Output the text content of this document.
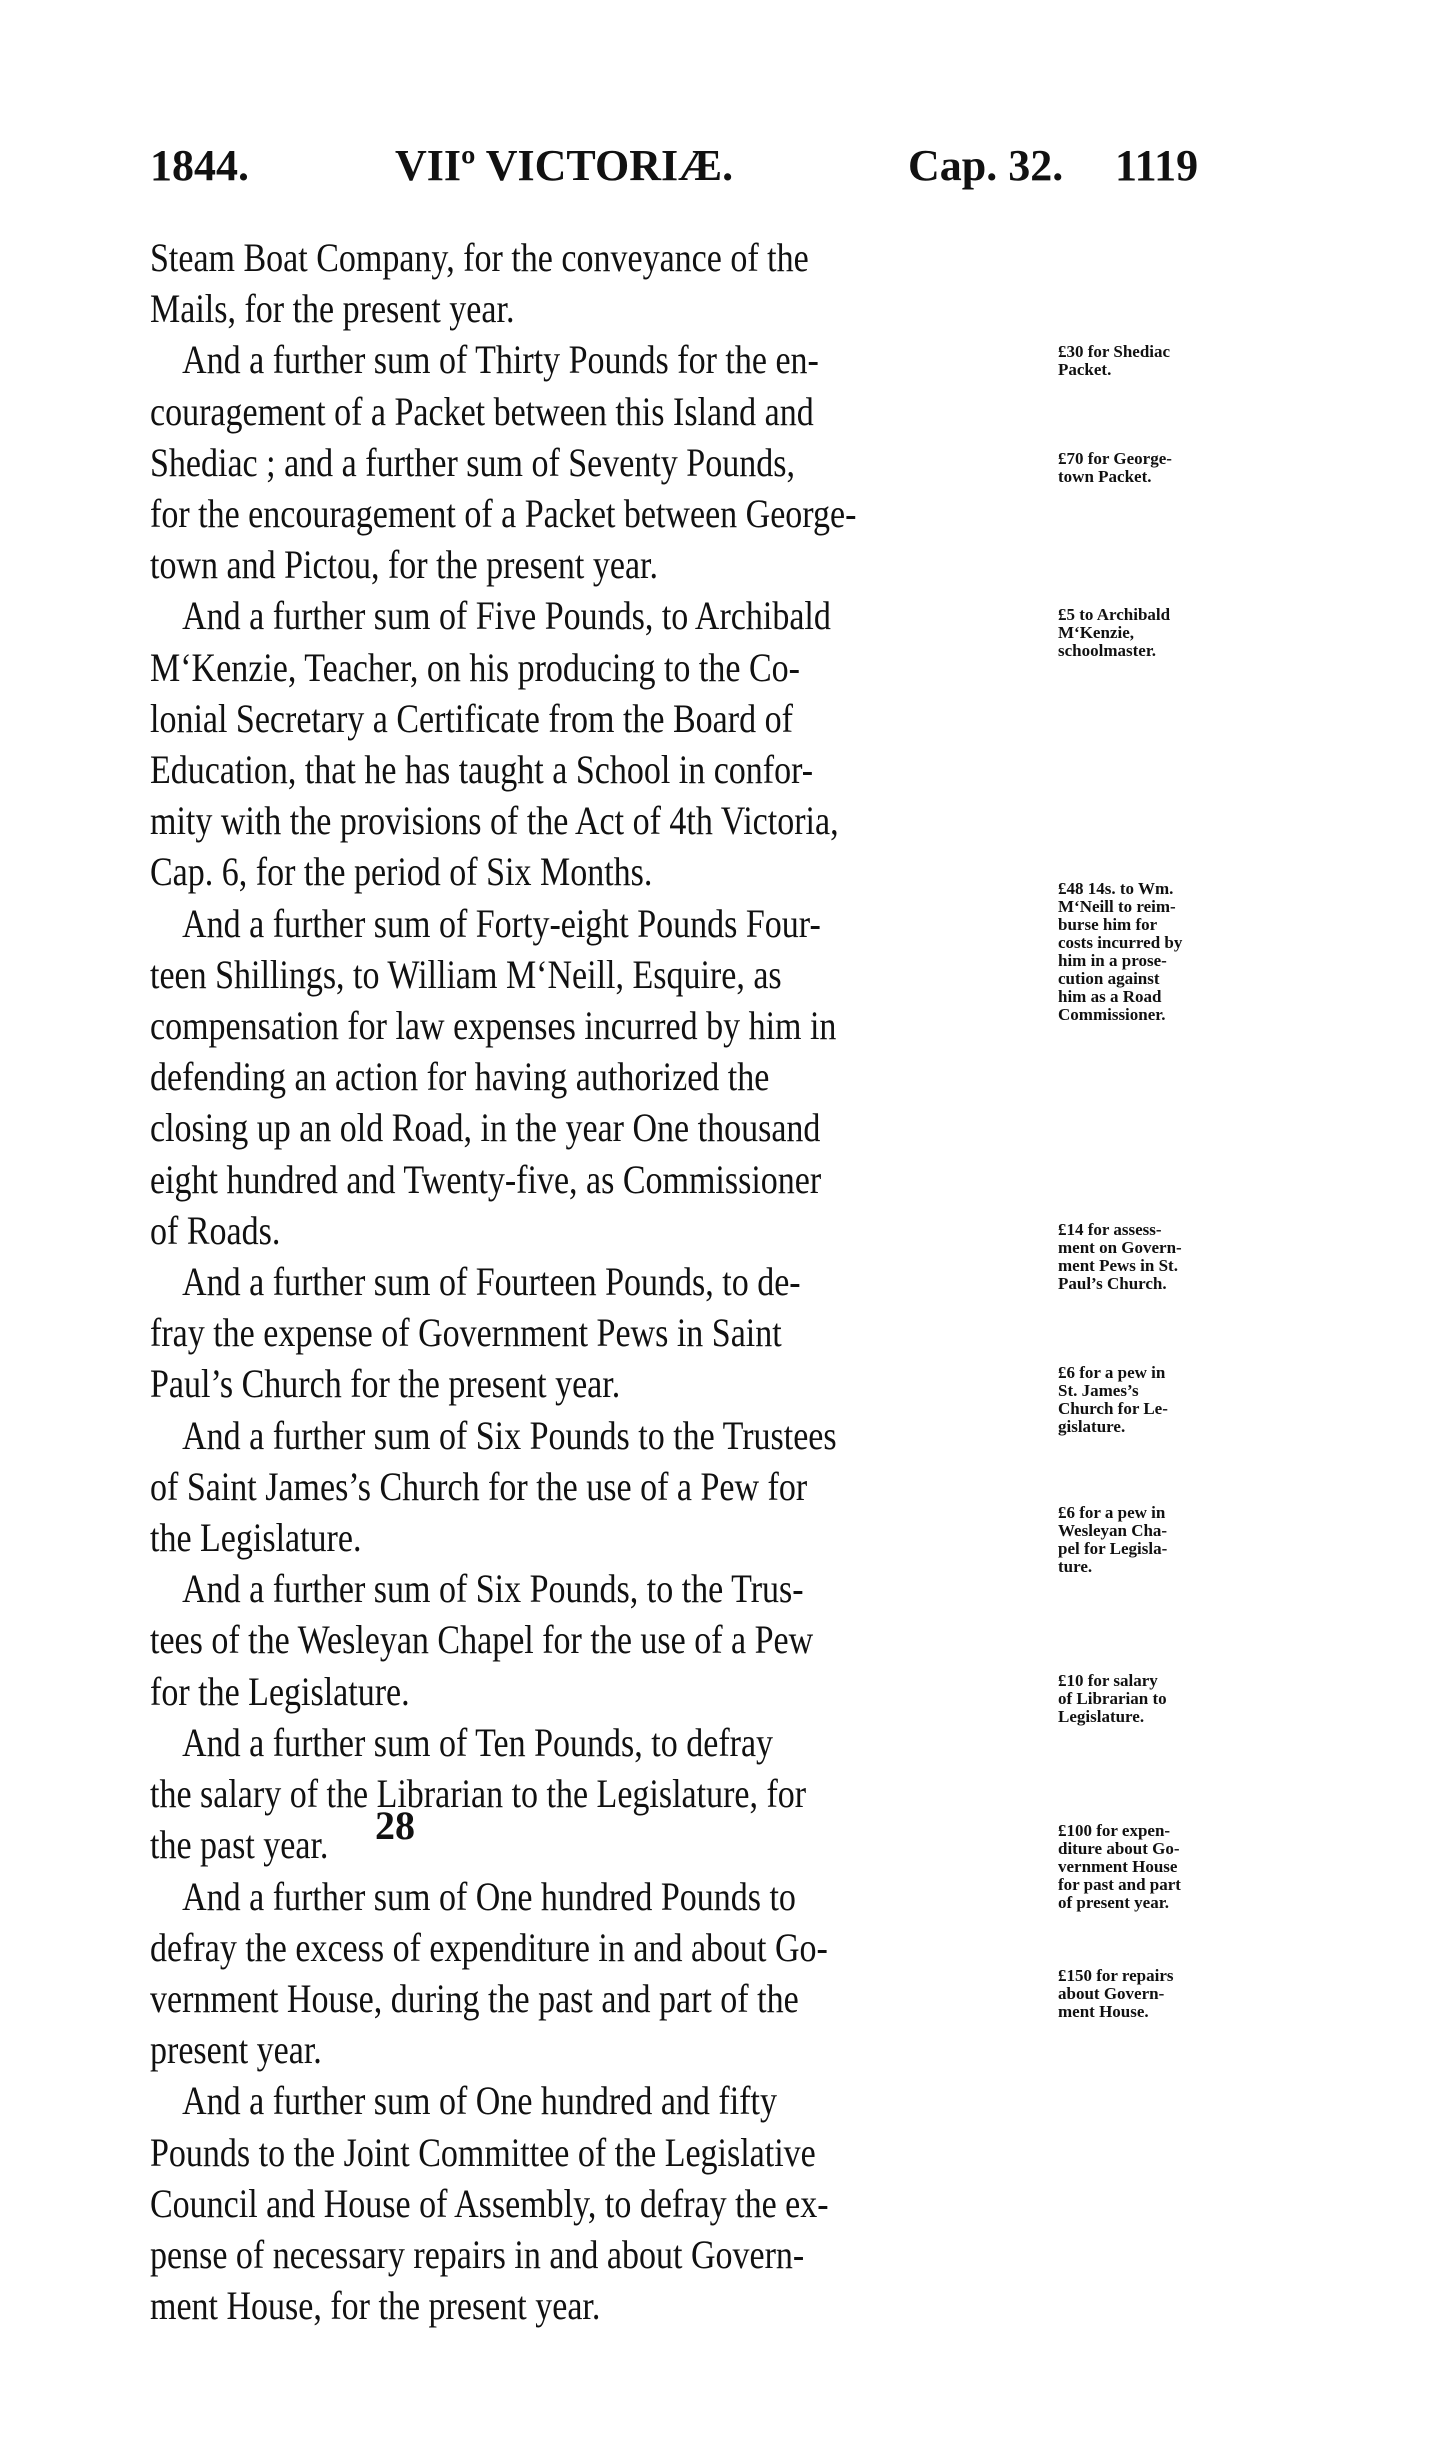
1844.	VIIº VICTORIÆ.	Cap. 32. 1119

Steam Boat Company, for the conveyance of the

Mails, for the present year.

And a further sum of Thirty Pounds for the en-

couragement of a Packet between this Island and

Shediac ; and a further sum of Seventy Pounds,

for the encouragement of a Packet between George-

town and Pictou, for the present year.

And a further sum of Five Pounds, to Archibald

M‘Kenzie, Teacher, on his producing to the Co-

lonial Secretary a Certificate from the Board of

Education, that he has taught a School in confor-

mity with the provisions of the Act of 4th Victoria,

Cap. 6, for the period of Six Months.

And a further sum of Forty-eight Pounds Four-

teen Shillings, to William M‘Neill, Esquire, as

compensation for law expenses incurred by him in

defending an action for having authorized the

closing up an old Road, in the year One thousand

eight hundred and Twenty-five, as Commissioner

of Roads.

And a further sum of Fourteen Pounds, to de-

fray the expense of Government Pews in Saint

Paul’s Church for the present year.

And a further sum of Six Pounds to the Trustees

of Saint James’s Church for the use of a Pew for

the Legislature.

And a further sum of Six Pounds, to the Trus-

tees of the Wesleyan Chapel for the use of a Pew

for the Legislature.

And a further sum of Ten Pounds, to defray

the salary of the Librarian to the Legislature, for

the past year.

And a further sum of One hundred Pounds to

defray the excess of expenditure in and about Go-

vernment House, during the past and part of the

present year.

And a further sum of One hundred and fifty

Pounds to the Joint Committee of the Legislative

Council and House of Assembly, to defray the ex-

pense of necessary repairs in and about Govern-

ment House, for the present year.

£30 for Shediac
Packet.
£70 for George-
town Packet.
£5 to Archibald
M‘Kenzie,
schoolmaster.
£48 14s. to Wm.
M‘Neill to reim-
burse him for
costs incurred by
him in a prose-
cution against
him as a Road
Commissioner.
£14 for assess-
ment on Govern-
ment Pews in St.
Paul’s Church.
£6 for a pew in
St. James’s
Church for Le-
gislature.
£6 for a pew in
Wesleyan Cha-
pel for Legisla-
ture.
£10 for salary
of Librarian to
Legislature.
£100 for expen-
diture about Go-
vernment House
for past and part
of present year.
£150 for repairs
about Govern-
ment House.
28
